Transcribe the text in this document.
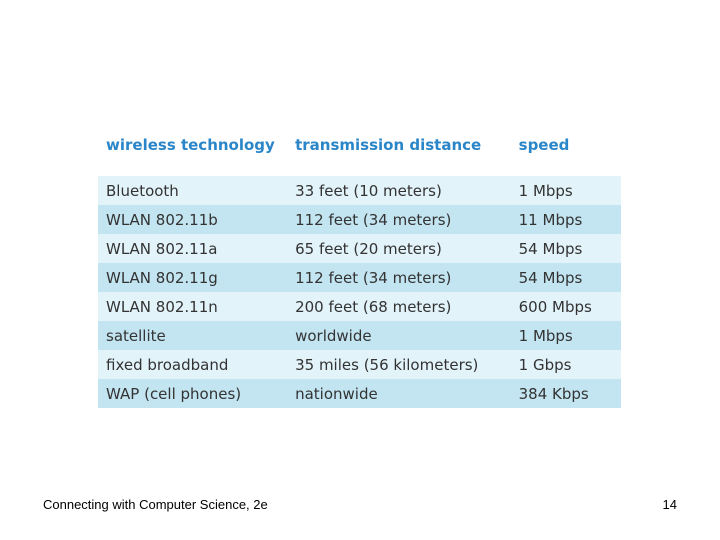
wireless technology	transmission distance	speed
Bluetooth	33 feet (10 meters)	1 Mbps
WLAN 802.11b	112 feet (34 meters)	11 Mbps
WLAN 802.11a	65 feet (20 meters)	54 Mbps
WLAN 802.11g	112 feet (34 meters)	54 Mbps
WLAN 802.11n	200 feet (68 meters)	600 Mbps
satellite	worldwide	1 Mbps
fixed broadband	35 miles (56 kilometers)	1 Gbps
WAP (cell phones)	nationwide	384 Kbps
Connecting with Computer Science, 2e	14
